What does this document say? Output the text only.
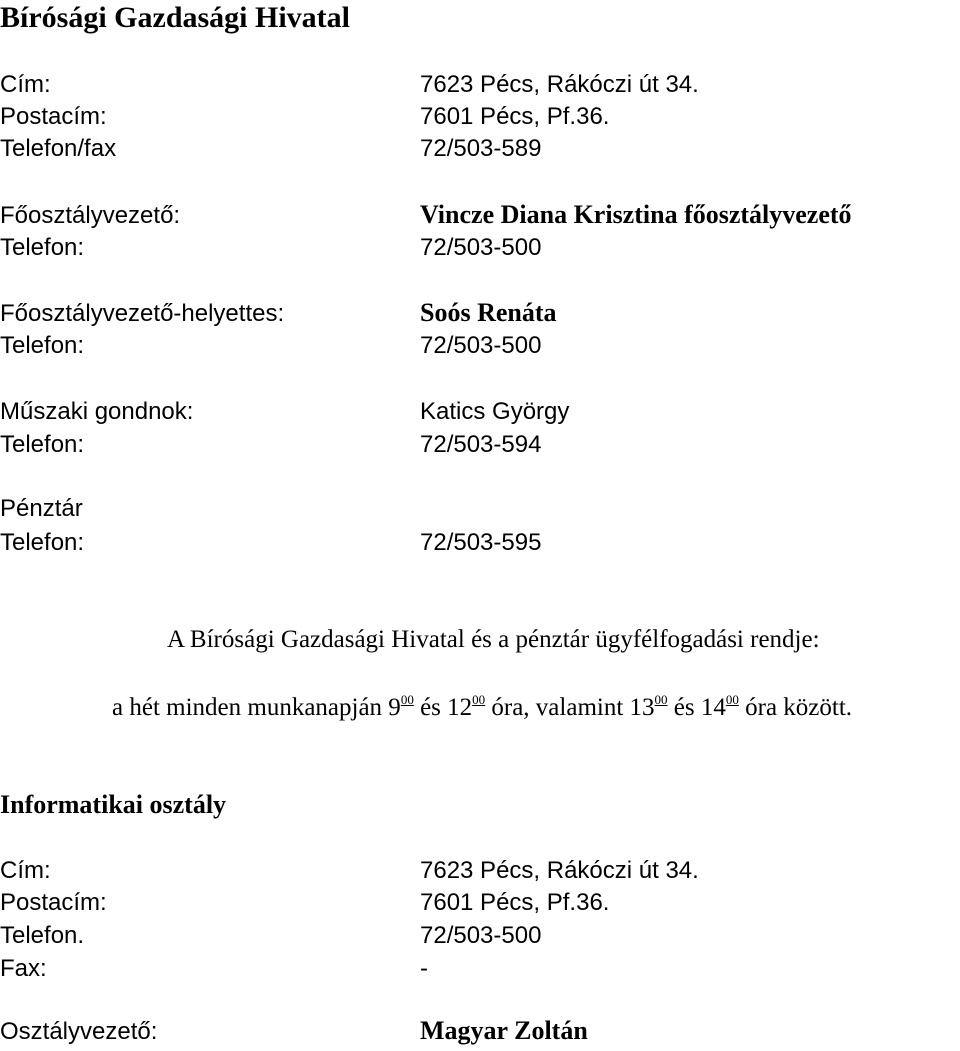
Bírósági Gazdasági Hivatal
Cím:	7623 Pécs, Rákóczi út 34.
Postacím:	7601 Pécs, Pf.36.
Telefon/fax	72/503-589
Főosztályvezető:	Vincze Diana Krisztina főosztályvezető
Telefon:	72/503-500
Főosztályvezető-helyettes:	Soós Renáta
Telefon:	72/503-500
Műszaki gondnok:	Katics György
Telefon:	72/503-594
Pénztár
Telefon:	72/503-595
A Bírósági Gazdasági Hivatal és a pénztár ügyfélfogadási rendje:
a hét minden munkanapján $9^{00}$ és $12^{00}$ óra, valamint $13^{00}$ és $14^{00}$ óra között.
Informatikai osztály
Cím:	7623 Pécs, Rákóczi út 34.
Postacím:	7601 Pécs, Pf.36.
Telefon.	72/503-500
Fax:	-
Osztályvezető:	Magyar Zoltán
